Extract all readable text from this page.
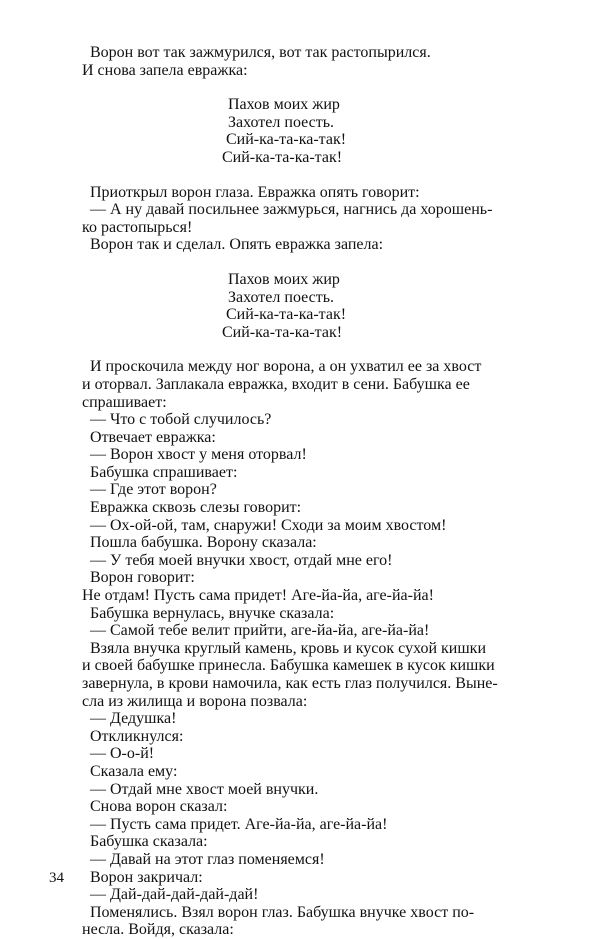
Ворон вот так зажмурился, вот так растопырился.

И снова запела евражка:

Пахов моих жир

Захотел поесть.

Сий-ка-та-ка-так!

Сий-ка-та-ка-так!

Приоткрыл ворон глаза. Евражка опять говорит:

— А ну давай посильнее зажмурься, нагнись да хорошень-

ко растопырься!

Ворон так и сделал. Опять евражка запела:

Пахов моих жир

Захотел поесть.

Сий-ка-та-ка-так!

Сий-ка-та-ка-так!

И проскочила между ног ворона, а он ухватил ее за хвост

и оторвал. Заплакала евражка, входит в сени. Бабушка ее

спрашивает:

— Что с тобой случилось?

Отвечает евражка:

— Ворон хвост у меня оторвал!

Бабушка спрашивает:

— Где этот ворон?

Евражка сквозь слезы говорит:

— Ох-ой-ой, там, снаружи! Сходи за моим хвостом!

Пошла бабушка. Ворону сказала:

— У тебя моей внучки хвост, отдай мне его!

Ворон говорит:

Не отдам! Пусть сама придет! Аге-йа-йа, аге-йа-йа!

Бабушка вернулась, внучке сказала:

— Самой тебе велит прийти, аге-йа-йа, аге-йа-йа!

Взяла внучка круглый камень, кровь и кусок сухой кишки

и своей бабушке принесла. Бабушка камешек в кусок кишки

завернула, в крови намочила, как есть глаз получился. Выне-

сла из жилища и ворона позвала:

— Дедушка!

Откликнулся:

— О-о-й!

Сказала ему:

— Отдай мне хвост моей внучки.

Снова ворон сказал:

— Пусть сама придет. Аге-йа-йа, аге-йа-йа!

Бабушка сказала:

— Давай на этот глаз поменяемся!

Ворон закричал:

— Дай-дай-дай-дай-дай!

Поменялись. Взял ворон глаз. Бабушка внучке хвост по-

несла. Войдя, сказала:

34
